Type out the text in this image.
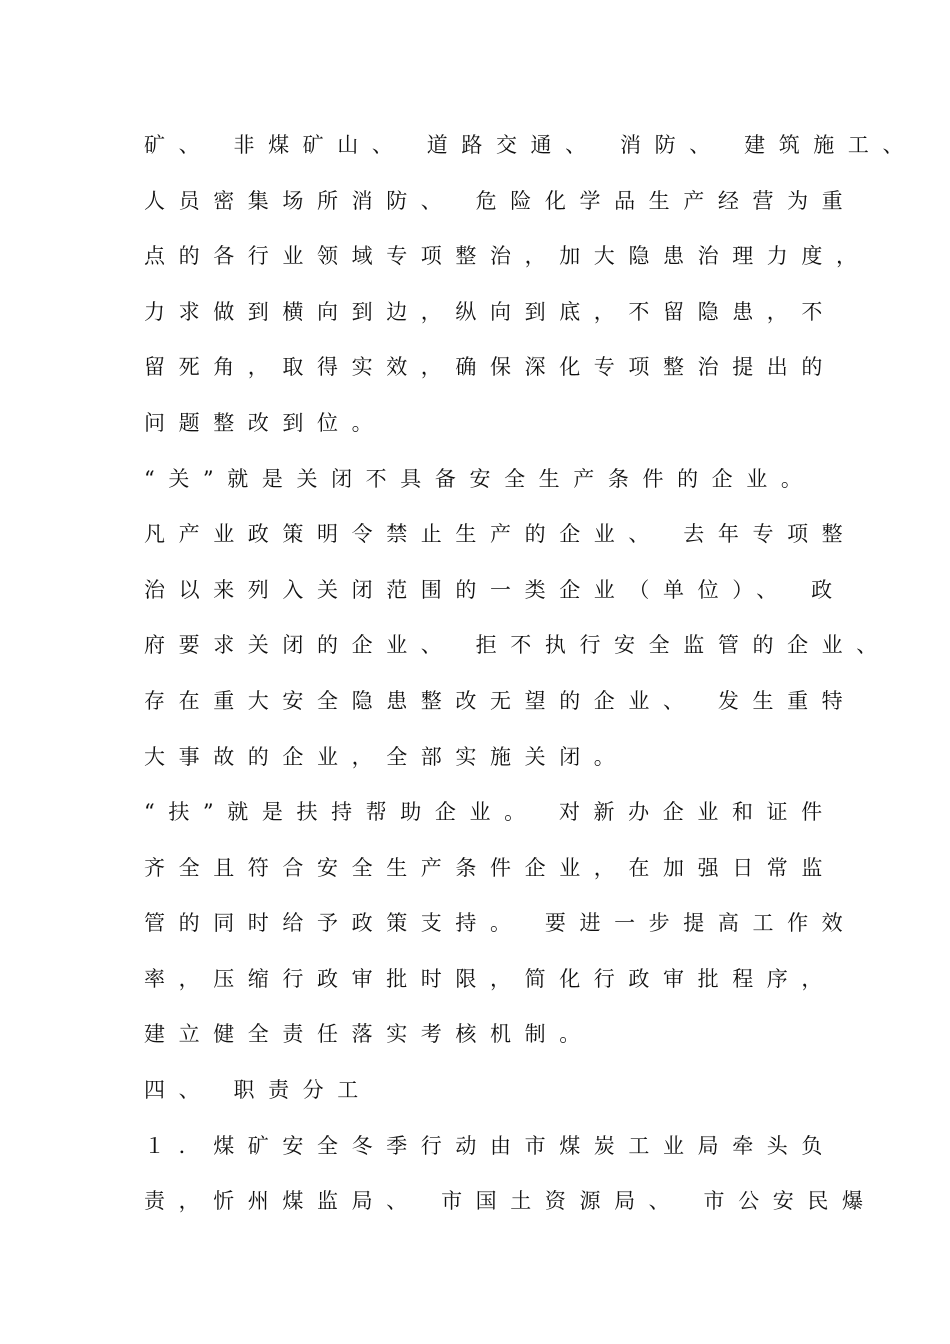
矿、 非煤矿山、 道路交通、 消防、 建筑施工、
人员密集场所消防、 危险化学品生产经营为重
点的各行业领域专项整治，加大隐患治理力度，
力求做到横向到边，纵向到底，不留隐患，不
留死角，取得实效，确保深化专项整治提出的
问题整改到位。
“关”就是关闭不具备安全生产条件的企业。
凡产业政策明令禁止生产的企业、 去年专项整
治以来列入关闭范围的一类企业（单位）、 政
府要求关闭的企业、 拒不执行安全监管的企业、
存在重大安全隐患整改无望的企业、 发生重特
大事故的企业，全部实施关闭。
“扶”就是扶持帮助企业。 对新办企业和证件
齐全且符合安全生产条件企业，在加强日常监
管的同时给予政策支持。 要进一步提高工作效
率，压缩行政审批时限，简化行政审批程序，
建立健全责任落实考核机制。
四、 职责分工
１．煤矿安全冬季行动由市煤炭工业局牵头负
责，忻州煤监局、 市国土资源局、 市公安民爆
